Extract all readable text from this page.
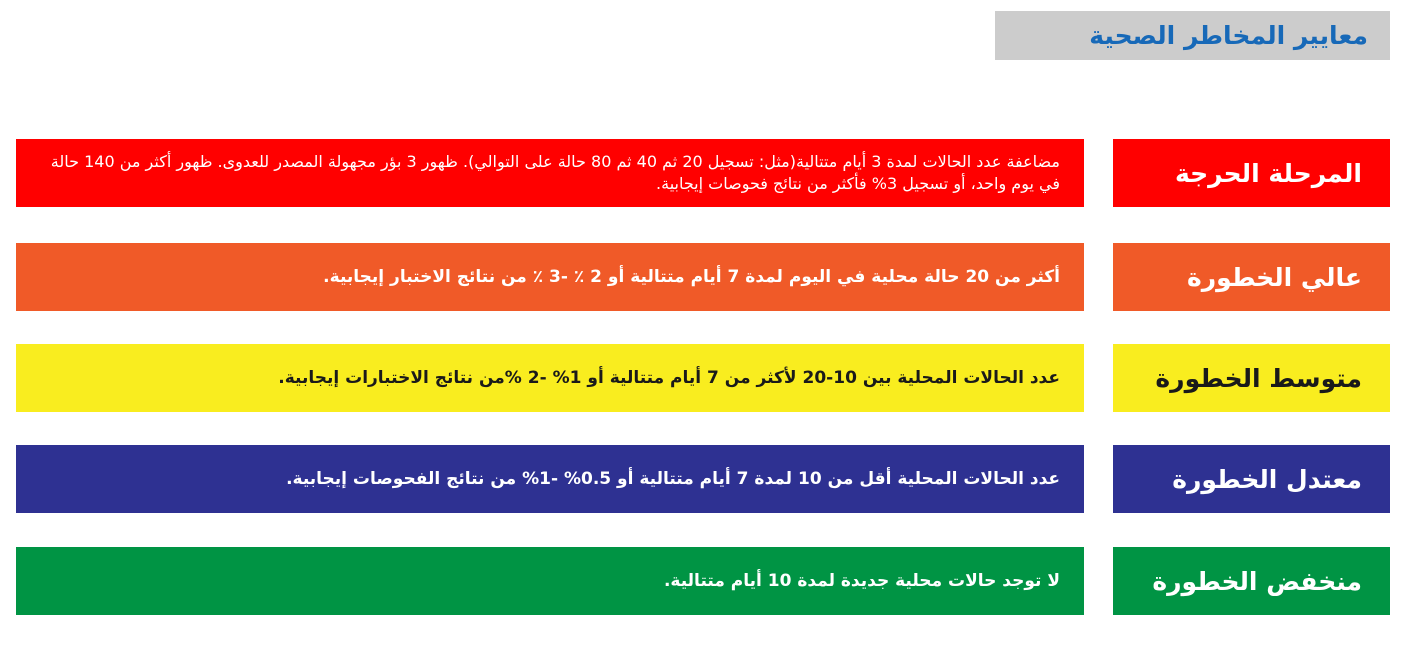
معايير المخاطر الصحية
مضاعفة عدد الحالات لمدة 3 أيام متتالية(مثل: تسجيل 20 ثم 40 ثم 80 حالة على التوالي). ظهور 3 بؤر مجهولة المصدر للعدوى. ظهور أكثر من 140 حالة في يوم واحد، أو تسجيل 3% فأكثر من نتائج فحوصات إيجابية.	المرحلة الحرجة
أكثر من 20 حالة محلية في اليوم لمدة 7 أيام متتالية أو 2 ٪ -3 ٪ من نتائج الاختبار إيجابية.	عالي الخطورة
عدد الحالات المحلية بين 10-20 لأكثر من 7 أيام متتالية أو 1% -2 %من نتائج الاختبارات إيجابية.	متوسط الخطورة
عدد الحالات المحلية أقل من 10 لمدة 7 أيام متتالية أو 0.5% -1% من نتائج الفحوصات إيجابية.	معتدل الخطورة
لا توجد حالات محلية جديدة لمدة 10 أيام متتالية.	منخفض الخطورة
